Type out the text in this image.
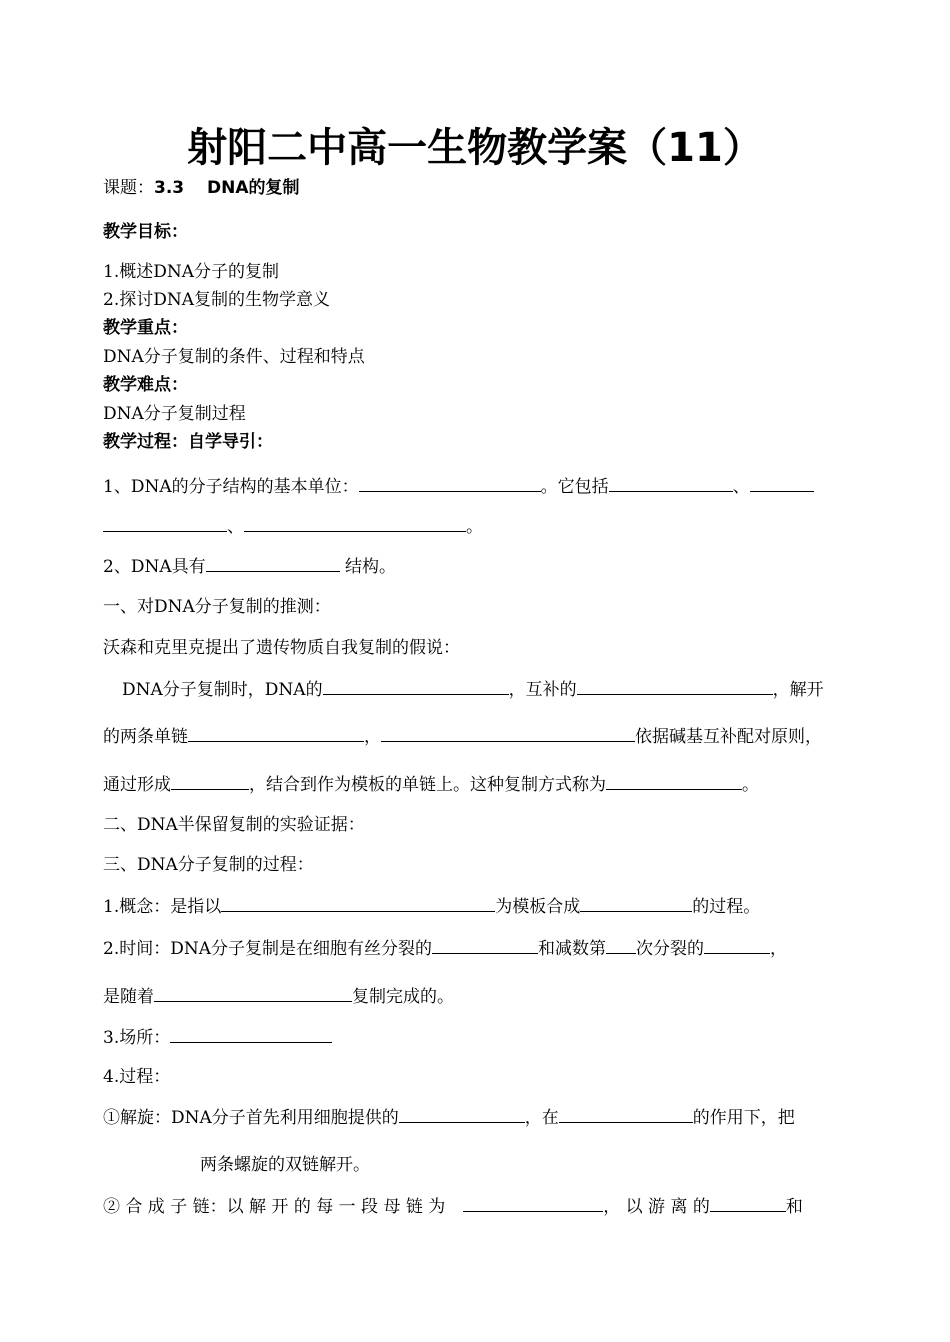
射阳二中高一生物教学案（11）
课题：3.3　 DNA的复制
教学目标：
1.概述DNA分子的复制
2.探讨DNA复制的生物学意义
教学重点：
DNA分子复制的条件、过程和特点
教学难点：
DNA分子复制过程
教学过程：自学导引：
1、DNA的分子结构的基本单位：	。它包括	、
、	。
2、DNA具有	结构。
一、对DNA分子复制的推测：
沃森和克里克提出了遗传物质自我复制的假说：
DNA分子复制时，DNA的	，互补的	，解开
的两条单链	，	依据碱基互补配对原则，
通过形成	，结合到作为模板的单链上。这种复制方式称为	。
二、DNA半保留复制的实验证据：
三、DNA分子复制的过程：
1.概念：是指以	为模板合成	的过程。
2.时间：DNA分子复制是在细胞有丝分裂的	和减数第 次分裂的	，
是随着	复制完成的。
3.场所：
4.过程：
①解旋：DNA分子首先利用细胞提供的	，在	的作用下，把
两条螺旋的双链解开。
② 合 成 子 链：以 解 开 的 每 一 段 母 链 为	， 以 游 离 的	和
